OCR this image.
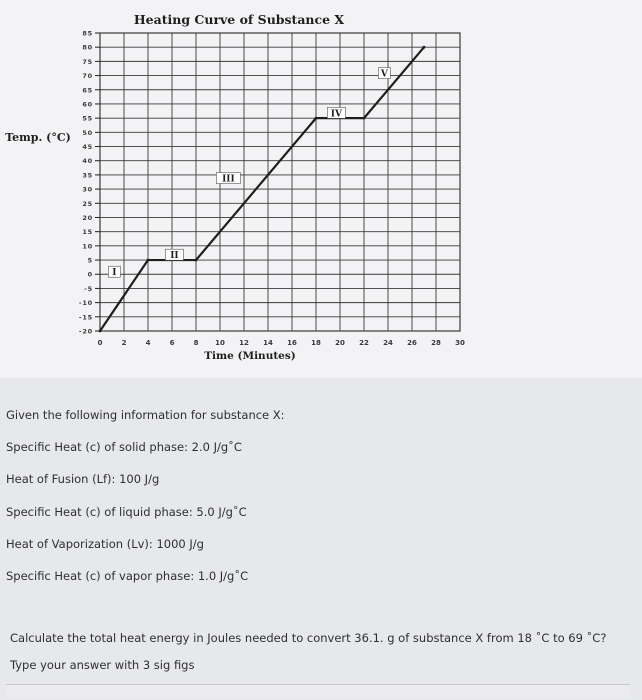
Heating Curve of Substance X
Temp. (°C)
Time (Minutes)
-20
-15
-10
-5
0
5
10
15
20
25
30
35
40
45
50
55
60
65
70
75
80
85
0	2	4	6	8 10 12 14 16 18 20 22 24 26 28 30
I
II
III
IV
V
Given the following information for substance X:
Specific Heat (c) of solid phase: 2.0 J/g˚C
Heat of Fusion (Lf): 100 J/g
Specific Heat (c) of liquid phase: 5.0 J/g˚C
Heat of Vaporization (Lv): 1000 J/g
Specific Heat (c) of vapor phase: 1.0 J/g˚C
Calculate the total heat energy in Joules needed to convert 36.1. g of substance X from 18 ˚C to 69 ˚C?
Type your answer with 3 sig figs
